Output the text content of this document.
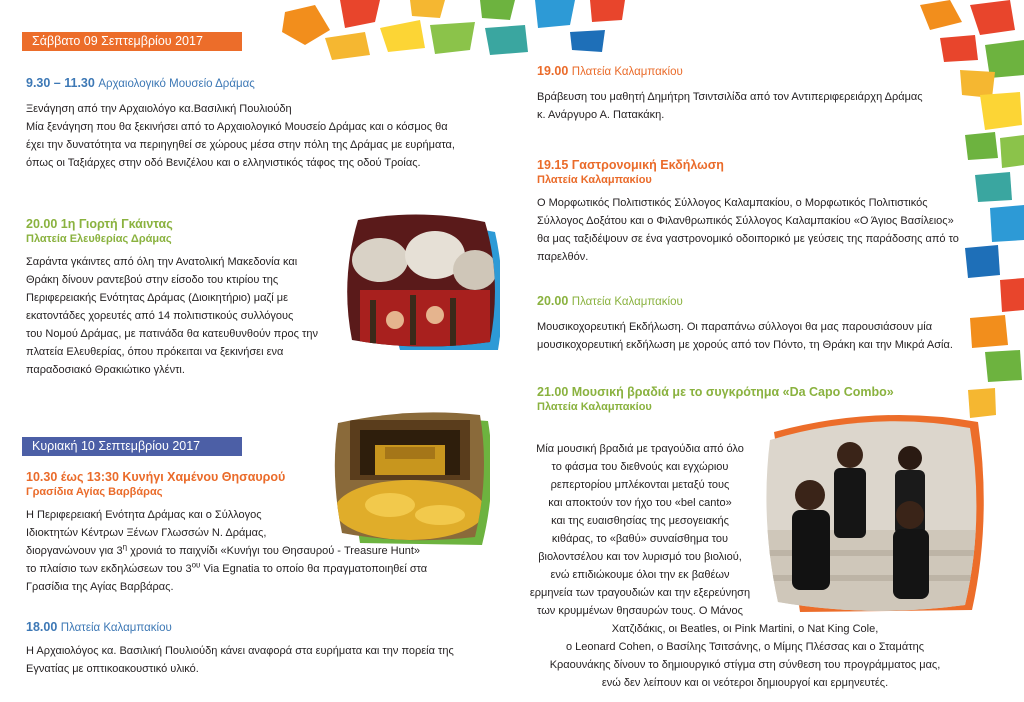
Σάββατο 09 Σεπτεμβρίου 2017
9.30 – 11.30 Αρχαιολογικό Μουσείο Δράμας

Ξενάγηση από την Αρχαιολόγο κα.Βασιλική Πουλιούδη

Μία ξενάγηση που θα ξεκινήσει από το Αρχαιολογικό Μουσείο Δράμας και ο κόσμος θα

έχει την δυνατότητα να περιηγηθεί σε χώρους μέσα στην πόλη της Δράμας με ευρήματα,

όπως οι Ταξιάρχες στην οδό Βενιζέλου και ο ελληνιστικός τάφος της οδού Τροίας.

20.00 1η Γιορτή Γκάιντας
Πλατεία Ελευθερίας Δράμας

Σαράντα γκάιντες από όλη την Ανατολική Μακεδονία και

Θράκη δίνουν ραντεβού στην είσοδο του κτιρίου της

Περιφερειακής Ενότητας Δράμας (Διοικητήριο) μαζί με

εκατοντάδες χορευτές από 14 πολιτιστικούς συλλόγους

του Νομού Δράμας, με πατινάδα θα κατευθυνθούν προς την

πλατεία Ελευθερίας, όπου πρόκειται να ξεκινήσει ενα

παραδοσιακό Θρακιώτικο γλέντι.

Κυριακή 10 Σεπτεμβρίου 2017
10.30 έως 13:30 Κυνήγι Χαμένου Θησαυρού
Γρασίδια Αγίας Βαρβάρας

Η Περιφερειακή Ενότητα Δράμας και ο Σύλλογος

Ιδιοκτητών Κέντρων Ξένων Γλωσσών Ν. Δράμας,

διοργανώνουν για $3^\eta$ χρονιά το παιχνίδι «Κυνήγι του Θησαυρού - Treasure Hunt»

το πλαίσιο των εκδηλώσεων του $3^{o\upsilon}$ Via Egnatia το οποίο θα πραγματοποιηθεί στα

Γρασίδια της Αγίας Βαρβάρας.

18.00 Πλατεία Καλαμπακίου

Η Αρχαιολόγος κα. Βασιλική Πουλιούδη κάνει αναφορά στα ευρήματα και την πορεία της

Εγνατίας με οπτικοακουστικό υλικό.

19.00 Πλατεία Καλαμπακίου

Βράβευση του μαθητή Δημήτρη Τσιντσιλίδα από τον Αντιπεριφερειάρχη Δράμας

κ. Ανάργυρο Α. Πατακάκη.

19.15 Γαστρονομική Εκδήλωση
Πλατεία Καλαμπακίου

Ο Μορφωτικός Πολιτιστικός Σύλλογος Καλαμπακίου, ο Μορφωτικός Πολιτιστικός

Σύλλογος Δοξάτου και ο Φιλανθρωπικός Σύλλογος Καλαμπακίου «Ο Άγιος Βασίλειος»

θα μας ταξιδέψουν σε ένα γαστρονομικό οδοιπορικό με γεύσεις της παράδοσης από το

παρελθόν.

20.00 Πλατεία Καλαμπακίου

Μουσικοχορευτική Εκδήλωση. Οι παραπάνω σύλλογοι θα μας παρουσιάσουν μία

μουσικοχορευτική εκδήλωση με χορούς από τον Πόντο, τη Θράκη και την Μικρά Ασία.

21.00 Μουσική βραδιά με το συγκρότημα «Da Capo Combo»
Πλατεία Καλαμπακίου

Μία μουσική βραδιά με τραγούδια από όλο

το φάσμα του διεθνούς και εγχώριου

ρεπερτορίου μπλέκονται μεταξύ τους

και αποκτούν τον ήχο του «bel canto»

και της ευαισθησίας της μεσογειακής

κιθάρας, το «βαθύ» συναίσθημα του

βιολοντσέλου και τον λυρισμό του βιολιού,

ενώ επιδιώκουμε όλοι την εκ βαθέων

ερμηνεία των τραγουδιών και την εξερεύνηση

των κρυμμένων θησαυρών τους. Ο Μάνος

Χατζιδάκις, οι Beatles, οι Pink Martini, ο Nat King Cole,

ο Leonard Cohen, ο Βασίλης Τσιτσάνης, ο Μίμης Πλέσσας και ο Σταμάτης

Κραουνάκης δίνουν το δημιουργικό στίγμα στη σύνθεση του προγράμματος μας,

ενώ δεν λείπουν και οι νεότεροι δημιουργοί και ερμηνευτές.
